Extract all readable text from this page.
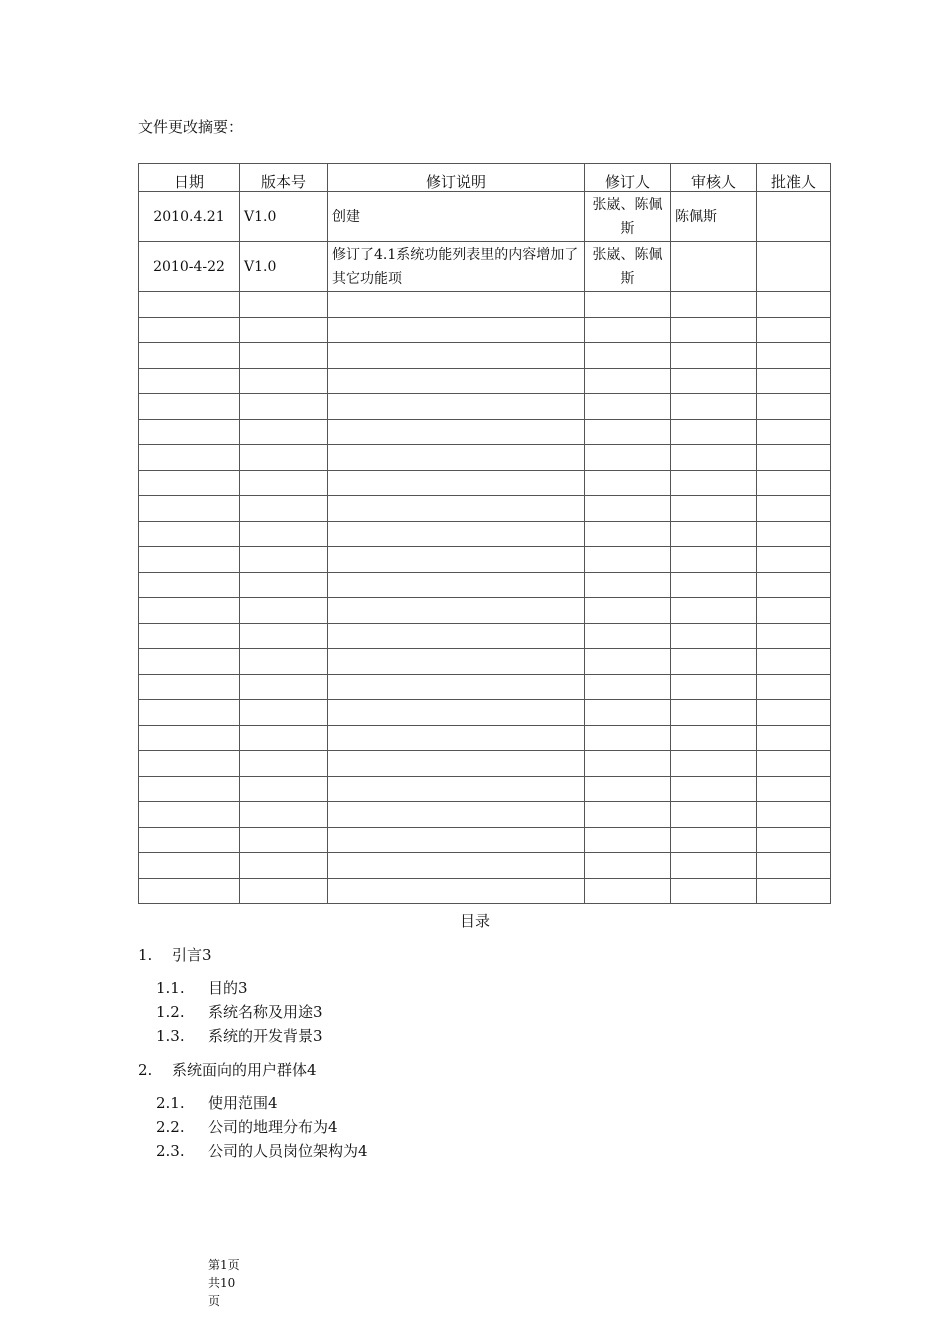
文件更改摘要：
日期	版本号	修订说明	修订人	审核人	批准人
2010.4.21	V1.0	创建	张崴、陈佩斯	陈佩斯	
2010-4-22	V1.0	修订了4.1系统功能列表里的内容增加了其它功能项	张崴、陈佩斯		

目录
1. 引言3
1.1. 目的3
1.2. 系统名称及用途3
1.3. 系统的开发背景3
2. 系统面向的用户群体4
2.1. 使用范围4
2.2. 公司的地理分布为4
2.3. 公司的人员岗位架构为4
第1页
共10
页
